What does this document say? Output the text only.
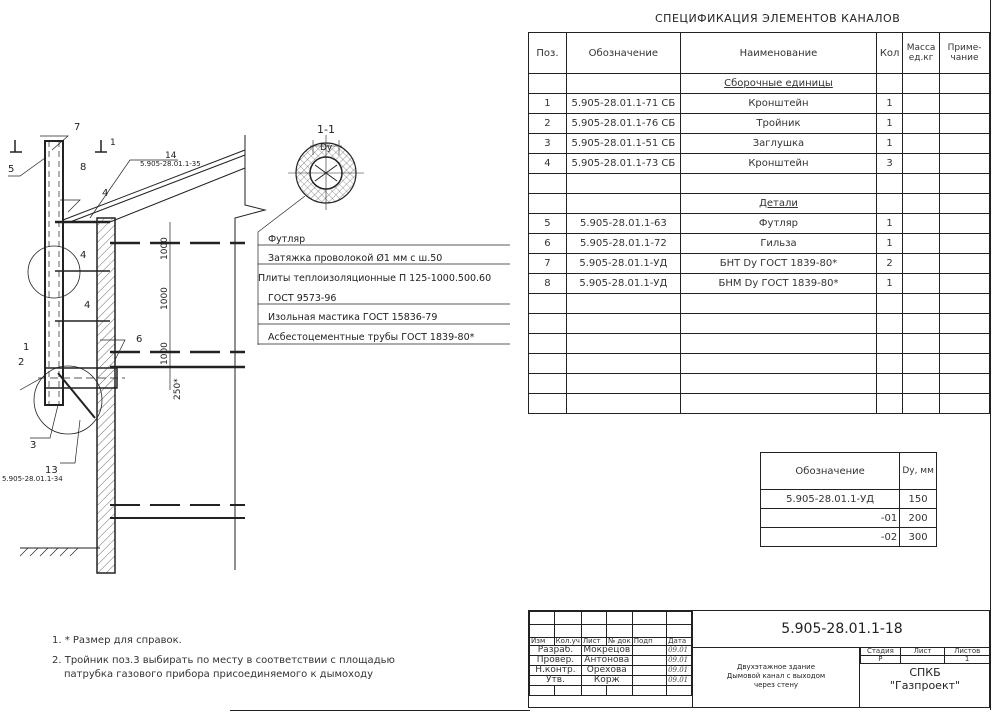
1-1
Dy
1
7
8
5
4
4
4
14
5.905-28.01.1-35
1
2
3
6
13
5.905-28.01.1-34
1000
1000
1000
250*
Футляр
Затяжка проволокой Ø1 мм с ш.50
Плиты теплоизоляционные П 125-1000.500.60
ГОСТ 9573-96
Изольная мастика ГОСТ 15836-79
Асбестоцементные трубы ГОСТ 1839-80*
СПЕЦИФИКАЦИЯ ЭЛЕМЕНТОВ КАНАЛОВ
Поз.	Обозначение	Наименование	Кол	Масса ед.кг	Приме-чание
		Сборочные единицы			
1	5.905-28.01.1-71 СБ	Кронштейн	1		
2	5.905-28.01.1-76 СБ	Тройник	1		
3	5.905-28.01.1-51 СБ	Заглушка	1		
4	5.905-28.01.1-73 СБ	Кронштейн	3		

		Детали			
5	5.905-28.01.1-63	Футляр	1		
6	5.905-28.01.1-72	Гильза	1		
7	5.905-28.01.1-УД	БНТ Dу ГОСТ 1839-80*	2		
8	5.905-28.01.1-УД	БНМ Dу ГОСТ 1839-80*	1		

Обозначение	Dy, мм
5.905-28.01.1-УД	150
-01	200
-02	300
1. * Размер для справок.
2. Тройник поз.3 выбирать по месту в соответствии с площадью
патрубка газового прибора присоединяемого к дымоходу

Изм	Кол.уч	Лист	№ док	Подп	Дата
Разраб.		Мокрецов			09.01
Провер.		Антонова			09.01
Н.контр.		Орехова			09.01
Утв.		Корж			09.01

5.905-28.01.1-18
Двухэтажное здание
Дымовой канал с выходом
через стену
Стадия	Лист	Листов
Р		1
СПКБ
"Газпроект"
